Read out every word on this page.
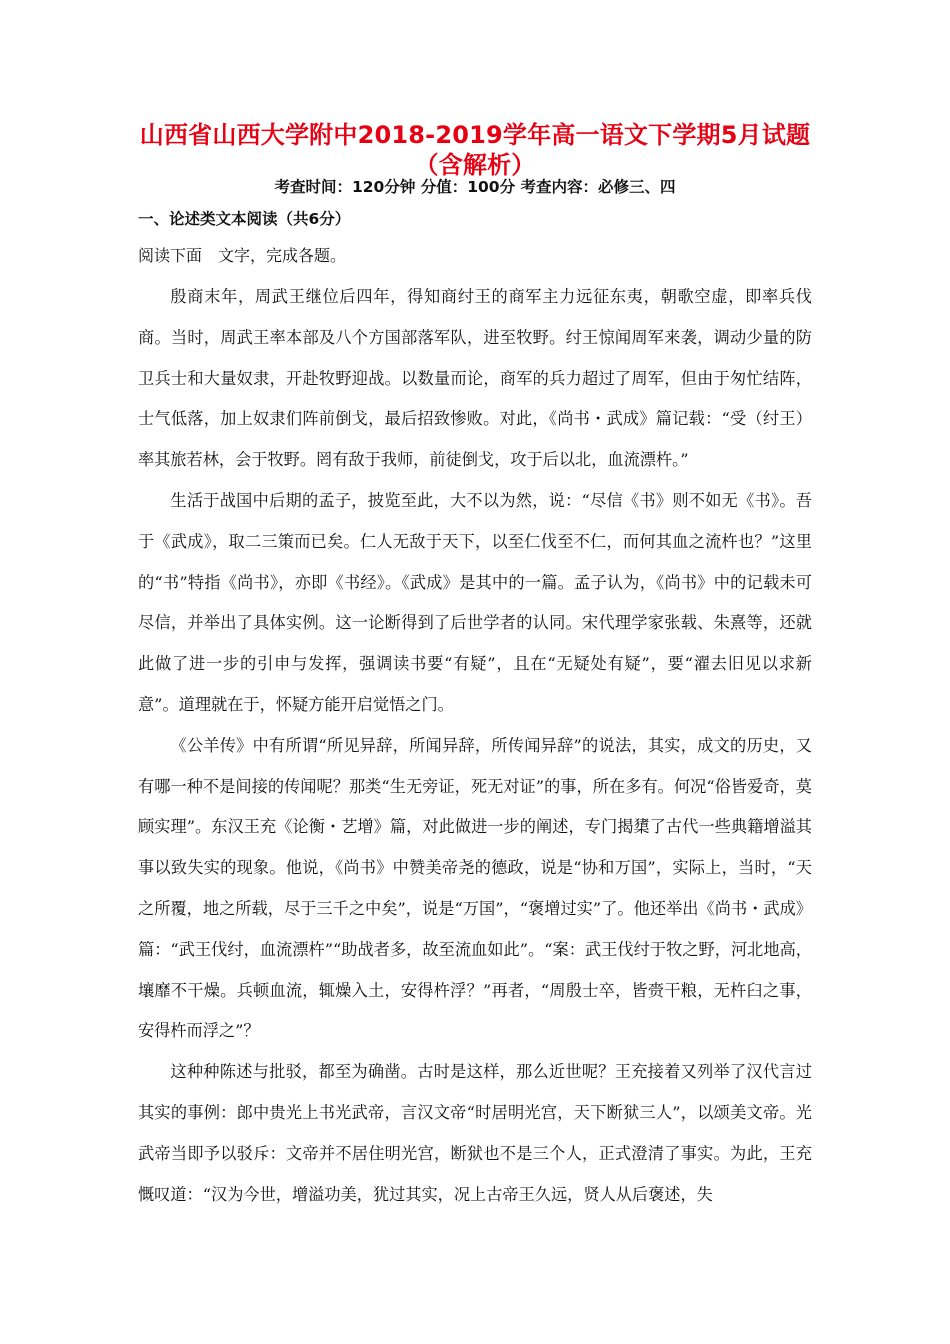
山西省山西大学附中2018-2019学年高一语文下学期5月试题（含解析）
考查时间：120分钟 分值：100分 考查内容：必修三、四
一、论述类文本阅读（共6分）
阅读下面　文字，完成各题。

殷商末年，周武王继位后四年，得知商纣王的商军主力远征东夷，朝歌空虚，即率兵伐商。当时，周武王率本部及八个方国部落军队，进至牧野。纣王惊闻周军来袭，调动少量的防卫兵士和大量奴隶，开赴牧野迎战。以数量而论，商军的兵力超过了周军，但由于匆忙结阵，士气低落，加上奴隶们阵前倒戈，最后招致惨败。对此，《尚书・武成》篇记载：“受（纣王）率其旅若林，会于牧野。罔有敌于我师，前徒倒戈，攻于后以北，血流漂杵。”

生活于战国中后期的孟子，披览至此，大不以为然，说：“尽信《书》则不如无《书》。吾于《武成》，取二三策而已矣。仁人无敌于天下，以至仁伐至不仁，而何其血之流杵也？”这里的“书”特指《尚书》，亦即《书经》。《武成》是其中的一篇。孟子认为，《尚书》中的记载未可尽信，并举出了具体实例。这一论断得到了后世学者的认同。宋代理学家张载、朱熹等，还就此做了进一步的引申与发挥，强调读书要“有疑”，且在“无疑处有疑”，要“濯去旧见以求新意”。道理就在于，怀疑方能开启觉悟之门。

《公羊传》中有所谓“所见异辞，所闻异辞，所传闻异辞”的说法，其实，成文的历史，又有哪一种不是间接的传闻呢？那类“生无旁证，死无对证”的事，所在多有。何况“俗皆爱奇，莫顾实理”。东汉王充《论衡・艺增》篇，对此做进一步的阐述，专门揭橥了古代一些典籍增溢其事以致失实的现象。他说，《尚书》中赞美帝尧的德政，说是“协和万国”，实际上，当时，“天之所覆，地之所载，尽于三千之中矣”，说是“万国”，“褒增过实”了。他还举出《尚书・武成》篇：“武王伐纣，血流漂杵”“助战者多，故至流血如此”。“案：武王伐纣于牧之野，河北地高，壤靡不干燥。兵顿血流，辄燥入土，安得杵浮？”再者，“周殷士卒，皆赍干粮，无杵臼之事，安得杵而浮之”？

这种种陈述与批驳，都至为确凿。古时是这样，那么近世呢？王充接着又列举了汉代言过其实的事例：郎中贵光上书光武帝，言汉文帝“时居明光宫，天下断狱三人”，以颂美文帝。光武帝当即予以驳斥：文帝并不居住明光宫，断狱也不是三个人，正式澄清了事实。为此，王充慨叹道：“汉为今世，增溢功美，犹过其实，况上古帝王久远，贤人从后褒述，失
